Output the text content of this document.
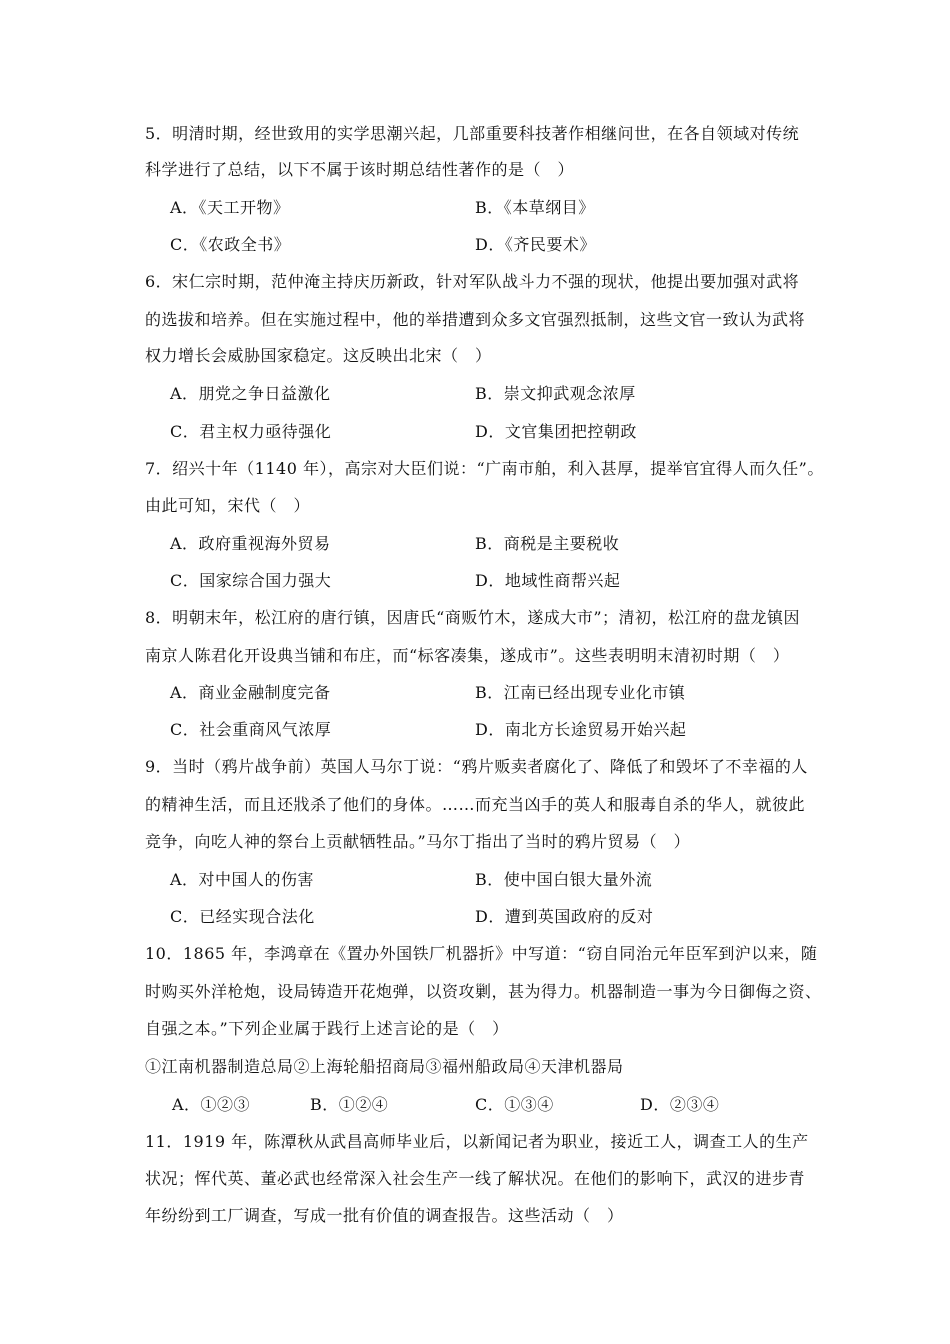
5．明清时期，经世致用的实学思潮兴起，几部重要科技著作相继问世，在各自领域对传统
科学进行了总结，以下不属于该时期总结性著作的是（　）
A．《天工开物》	B．《本草纲目》
C．《农政全书》	D．《齐民要术》
6．宋仁宗时期，范仲淹主持庆历新政，针对军队战斗力不强的现状，他提出要加强对武将
的选拔和培养。但在实施过程中，他的举措遭到众多文官强烈抵制，这些文官一致认为武将
权力增长会威胁国家稳定。这反映出北宋（　）
A．朋党之争日益激化	B．崇文抑武观念浓厚
C．君主权力亟待强化	D．文官集团把控朝政
7．绍兴十年（1140 年），高宗对大臣们说：“广南市舶，利入甚厚，提举官宜得人而久任”。
由此可知，宋代（　）
A．政府重视海外贸易	B．商税是主要税收
C．国家综合国力强大	D．地域性商帮兴起
8．明朝末年，松江府的唐行镇，因唐氏“商贩竹木，遂成大市”；清初，松江府的盘龙镇因
南京人陈君化开设典当铺和布庄，而“标客凑集，遂成市”。这些表明明末清初时期（　）
A．商业金融制度完备	B．江南已经出现专业化市镇
C．社会重商风气浓厚	D．南北方长途贸易开始兴起
9．当时（鸦片战争前）英国人马尔丁说：“鸦片贩卖者腐化了、降低了和毁坏了不幸福的人
的精神生活，而且还戕杀了他们的身体。……而充当凶手的英人和服毒自杀的华人，就彼此
竞争，向吃人神的祭台上贡献牺牲品。”马尔丁指出了当时的鸦片贸易（　）
A．对中国人的伤害	B．使中国白银大量外流
C．已经实现合法化	D．遭到英国政府的反对
10．1865 年，李鸿章在《置办外国铁厂机器折》中写道：“窃自同治元年臣军到沪以来，随
时购买外洋枪炮，设局铸造开花炮弹，以资攻剿，甚为得力。机器制造一事为今日御侮之资、
自强之本。”下列企业属于践行上述言论的是（　）
①江南机器制造总局②上海轮船招商局③福州船政局④天津机器局
A．①②③	B．①②④	C．①③④	D．②③④
11．1919 年，陈潭秋从武昌高师毕业后，以新闻记者为职业，接近工人，调查工人的生产
状况；恽代英、董必武也经常深入社会生产一线了解状况。在他们的影响下，武汉的进步青
年纷纷到工厂调查，写成一批有价值的调查报告。这些活动（　）
